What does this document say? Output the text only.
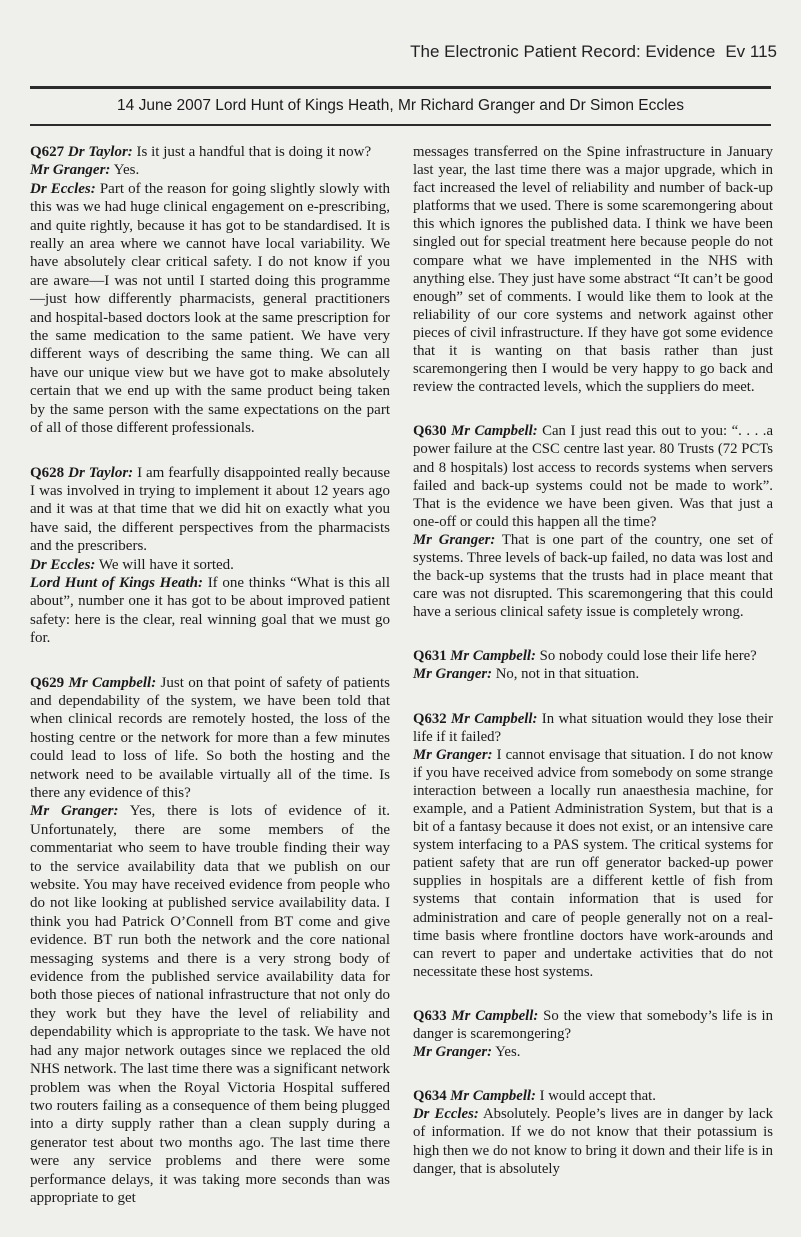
The Electronic Patient Record: Evidence Ev 115
14 June 2007 Lord Hunt of Kings Heath, Mr Richard Granger and Dr Simon Eccles

Q627 Dr Taylor: Is it just a handful that is doing it now?

Mr Granger: Yes.

Dr Eccles: Part of the reason for going slightly slowly with this was we had huge clinical engagement on e-prescribing, and quite rightly, because it has got to be standardised. It is really an area where we cannot have local variability. We have absolutely clear critical safety. I do not know if you are aware—I was not until I started doing this programme—just how differently pharmacists, general practitioners and hospital-based doctors look at the same prescription for the same medication to the same patient. We have very different ways of describing the same thing. We can all have our unique view but we have got to make absolutely certain that we end up with the same product being taken by the same person with the same expectations on the part of all of those different professionals.

Q628 Dr Taylor: I am fearfully disappointed really because I was involved in trying to implement it about 12 years ago and it was at that time that we did hit on exactly what you have said, the different perspectives from the pharmacists and the prescribers.

Dr Eccles: We will have it sorted.

Lord Hunt of Kings Heath: If one thinks “What is this all about”, number one it has got to be about improved patient safety: here is the clear, real winning goal that we must go for.

Q629 Mr Campbell: Just on that point of safety of patients and dependability of the system, we have been told that when clinical records are remotely hosted, the loss of the hosting centre or the network for more than a few minutes could lead to loss of life. So both the hosting and the network need to be available virtually all of the time. Is there any evidence of this?

Mr Granger: Yes, there is lots of evidence of it. Unfortunately, there are some members of the commentariat who seem to have trouble finding their way to the service availability data that we publish on our website. You may have received evidence from people who do not like looking at published service availability data. I think you had Patrick O’Connell from BT come and give evidence. BT run both the network and the core national messaging systems and there is a very strong body of evidence from the published service availability data for both those pieces of national infrastructure that not only do they work but they have the level of reliability and dependability which is appropriate to the task. We have not had any major network outages since we replaced the old NHS network. The last time there was a significant network problem was when the Royal Victoria Hospital suffered two routers failing as a consequence of them being plugged into a dirty supply rather than a clean supply during a generator test about two months ago. The last time there were any service problems and there were some performance delays, it was taking more seconds than was appropriate to get

messages transferred on the Spine infrastructure in January last year, the last time there was a major upgrade, which in fact increased the level of reliability and number of back-up platforms that we used. There is some scaremongering about this which ignores the published data. I think we have been singled out for special treatment here because people do not compare what we have implemented in the NHS with anything else. They just have some abstract “It can’t be good enough” set of comments. I would like them to look at the reliability of our core systems and network against other pieces of civil infrastructure. If they have got some evidence that it is wanting on that basis rather than just scaremongering then I would be very happy to go back and review the contracted levels, which the suppliers do meet.

Q630 Mr Campbell: Can I just read this out to you: “. . . .a power failure at the CSC centre last year. 80 Trusts (72 PCTs and 8 hospitals) lost access to records systems when servers failed and back-up systems could not be made to work”. That is the evidence we have been given. Was that just a one-off or could this happen all the time?

Mr Granger: That is one part of the country, one set of systems. Three levels of back-up failed, no data was lost and the back-up systems that the trusts had in place meant that care was not disrupted. This scaremongering that this could have a serious clinical safety issue is completely wrong.

Q631 Mr Campbell: So nobody could lose their life here?

Mr Granger: No, not in that situation.

Q632 Mr Campbell: In what situation would they lose their life if it failed?

Mr Granger: I cannot envisage that situation. I do not know if you have received advice from somebody on some strange interaction between a locally run anaesthesia machine, for example, and a Patient Administration System, but that is a bit of a fantasy because it does not exist, or an intensive care system interfacing to a PAS system. The critical systems for patient safety that are run off generator backed-up power supplies in hospitals are a different kettle of fish from systems that contain information that is used for administration and care of people generally not on a real-time basis where frontline doctors have work-arounds and can revert to paper and undertake activities that do not necessitate these host systems.

Q633 Mr Campbell: So the view that somebody’s life is in danger is scaremongering?

Mr Granger: Yes.

Q634 Mr Campbell: I would accept that.

Dr Eccles: Absolutely. People’s lives are in danger by lack of information. If we do not know that their potassium is high then we do not know to bring it down and their life is in danger, that is absolutely
